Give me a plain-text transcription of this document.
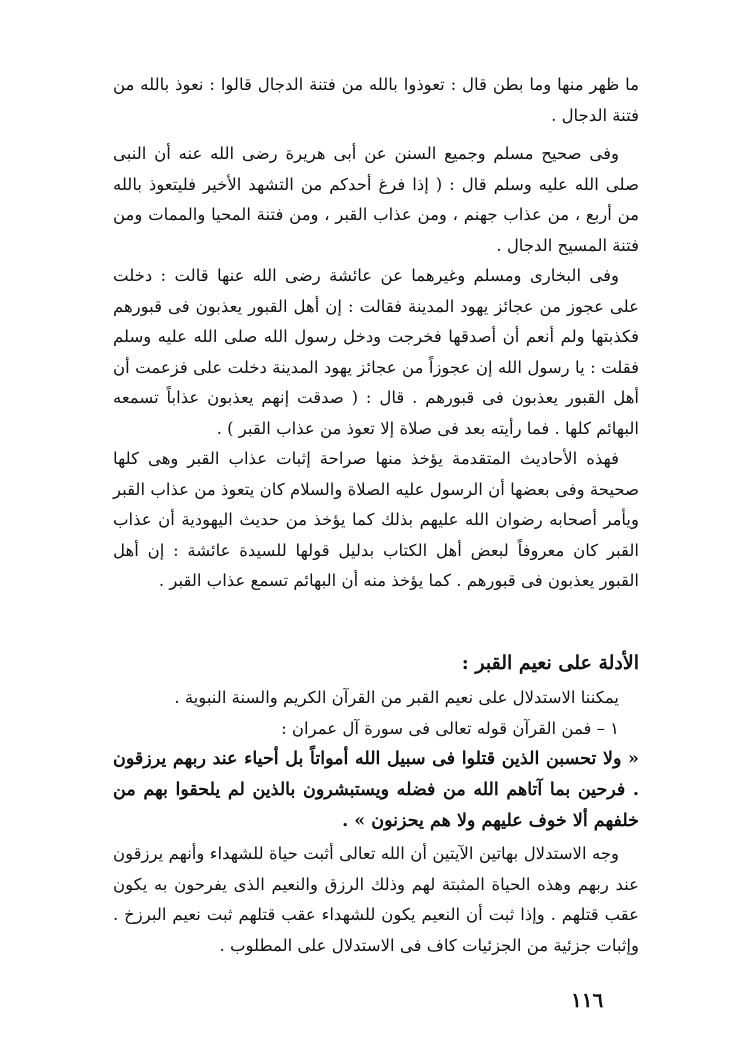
ما ظهر منها وما بطن قال : تعوذوا بالله من فتنة الدجال قالوا : نعوذ بالله من فتنة الدجال .

وفى صحيح مسلم وجميع السنن عن أبى هريرة رضى الله عنه أن النبى صلى الله عليه وسلم قال : ( إذا فرغ أحدكم من التشهد الأخير فليتعوذ بالله من أربع ، من عذاب جهنم ، ومن عذاب القبر ، ومن فتنة المحيا والممات ومن فتنة المسيح الدجال .

وفى البخارى ومسلم وغيرهما عن عائشة رضى الله عنها قالت : دخلت على عجوز من عجائز يهود المدينة فقالت : إن أهل القبور يعذبون فى قبورهم فكذبتها ولم أنعم أن أصدقها فخرجت ودخل رسول الله صلى الله عليه وسلم فقلت : يا رسول الله إن عجوزاً من عجائز يهود المدينة دخلت على فزعمت أن أهل القبور يعذبون فى قبورهم . قال : ( صدقت إنهم يعذبون عذاباً تسمعه البهائم كلها . فما رأيته بعد فى صلاة إلا تعوذ من عذاب القبر ) .

فهذه الأحاديث المتقدمة يؤخذ منها صراحة إثبات عذاب القبر وهى كلها صحيحة وفى بعضها أن الرسول عليه الصلاة والسلام كان يتعوذ من عذاب القبر ويأمر أصحابه رضوان الله عليهم بذلك كما يؤخذ من حديث اليهودية أن عذاب القبر كان معروفاً لبعض أهل الكتاب بدليل قولها للسيدة عائشة : إن أهل القبور يعذبون فى قبورهم . كما يؤخذ منه أن البهائم تسمع عذاب القبر .

الأدلة على نعيم القبر :

يمكننا الاستدلال على نعيم القبر من القرآن الكريم والسنة النبوية .

١ – فمن القرآن قوله تعالى فى سورة آل عمران :

« ولا تحسبن الذين قتلوا فى سبيل الله أمواتاً بل أحياء عند ربهم يرزقون . فرحين بما آتاهم الله من فضله ويستبشرون بالذين لم يلحقوا بهم من خلفهم ألا خوف عليهم ولا هم يحزنون » .

وجه الاستدلال بهاتين الآيتين أن الله تعالى أثبت حياة للشهداء وأنهم يرزقون عند ربهم وهذه الحياة المثبتة لهم وذلك الرزق والنعيم الذى يفرحون به يكون عقب قتلهم . وإذا ثبت أن النعيم يكون للشهداء عقب قتلهم ثبت نعيم البرزخ . وإثبات جزئية من الجزئيات كاف فى الاستدلال على المطلوب .

١١٦
